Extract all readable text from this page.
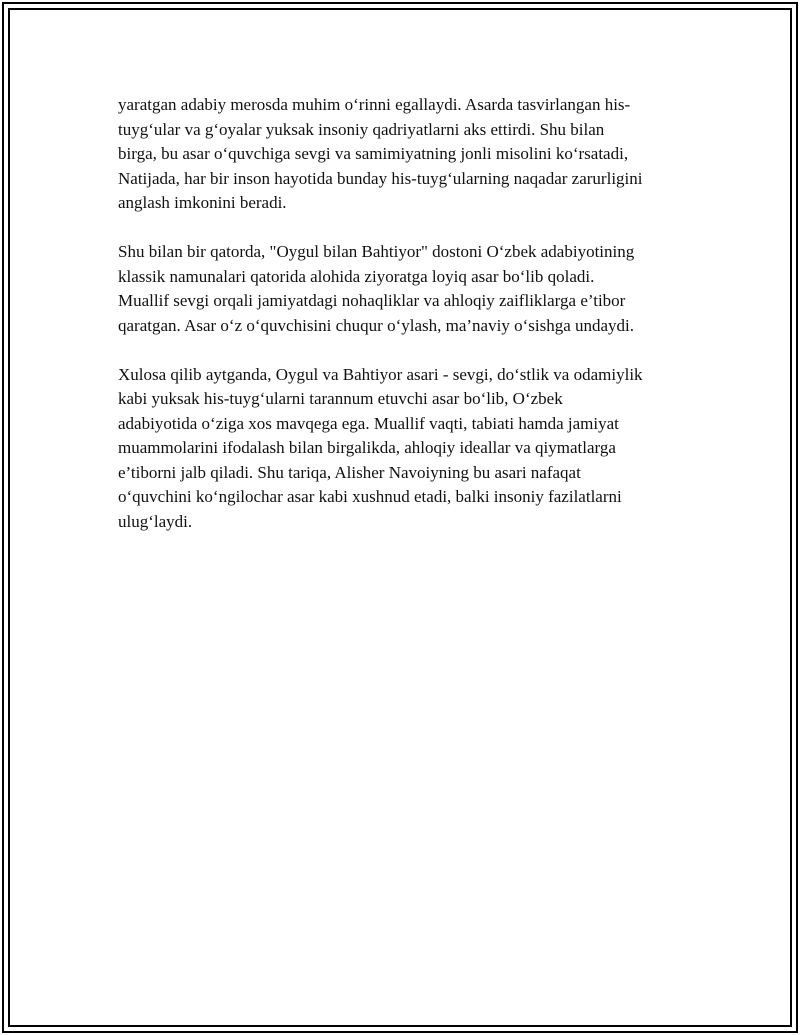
yaratgan adabiy merosda muhim o‘rinni egallaydi. Asarda tasvirlangan his-
tuyg‘ular va g‘oyalar yuksak insoniy qadriyatlarni aks ettirdi. Shu bilan
birga, bu asar o‘quvchiga sevgi va samimiyatning jonli misolini ko‘rsatadi,
Natijada, har bir inson hayotida bunday his-tuyg‘ularning naqadar zarurligini
anglash imkonini beradi.

Shu bilan bir qatorda, "Oygul bilan Bahtiyor" dostoni O‘zbek adabiyotining
klassik namunalari qatorida alohida ziyoratga loyiq asar bo‘lib qoladi.
Muallif sevgi orqali jamiyatdagi nohaqliklar va ahloqiy zaifliklarga e’tibor
qaratgan. Asar o‘z o‘quvchisini chuqur o‘ylash, ma’naviy o‘sishga undaydi.

Xulosa qilib aytganda, Oygul va Bahtiyor asari - sevgi, do‘stlik va odamiylik
kabi yuksak his-tuyg‘ularni tarannum etuvchi asar bo‘lib, O‘zbek
adabiyotida o‘ziga xos mavqega ega. Muallif vaqti, tabiati hamda jamiyat
muammolarini ifodalash bilan birgalikda, ahloqiy ideallar va qiymatlarga
e’tiborni jalb qiladi. Shu tariqa, Alisher Navoiyning bu asari nafaqat
o‘quvchini ko‘ngilochar asar kabi xushnud etadi, balki insoniy fazilatlarni
ulug‘laydi.
